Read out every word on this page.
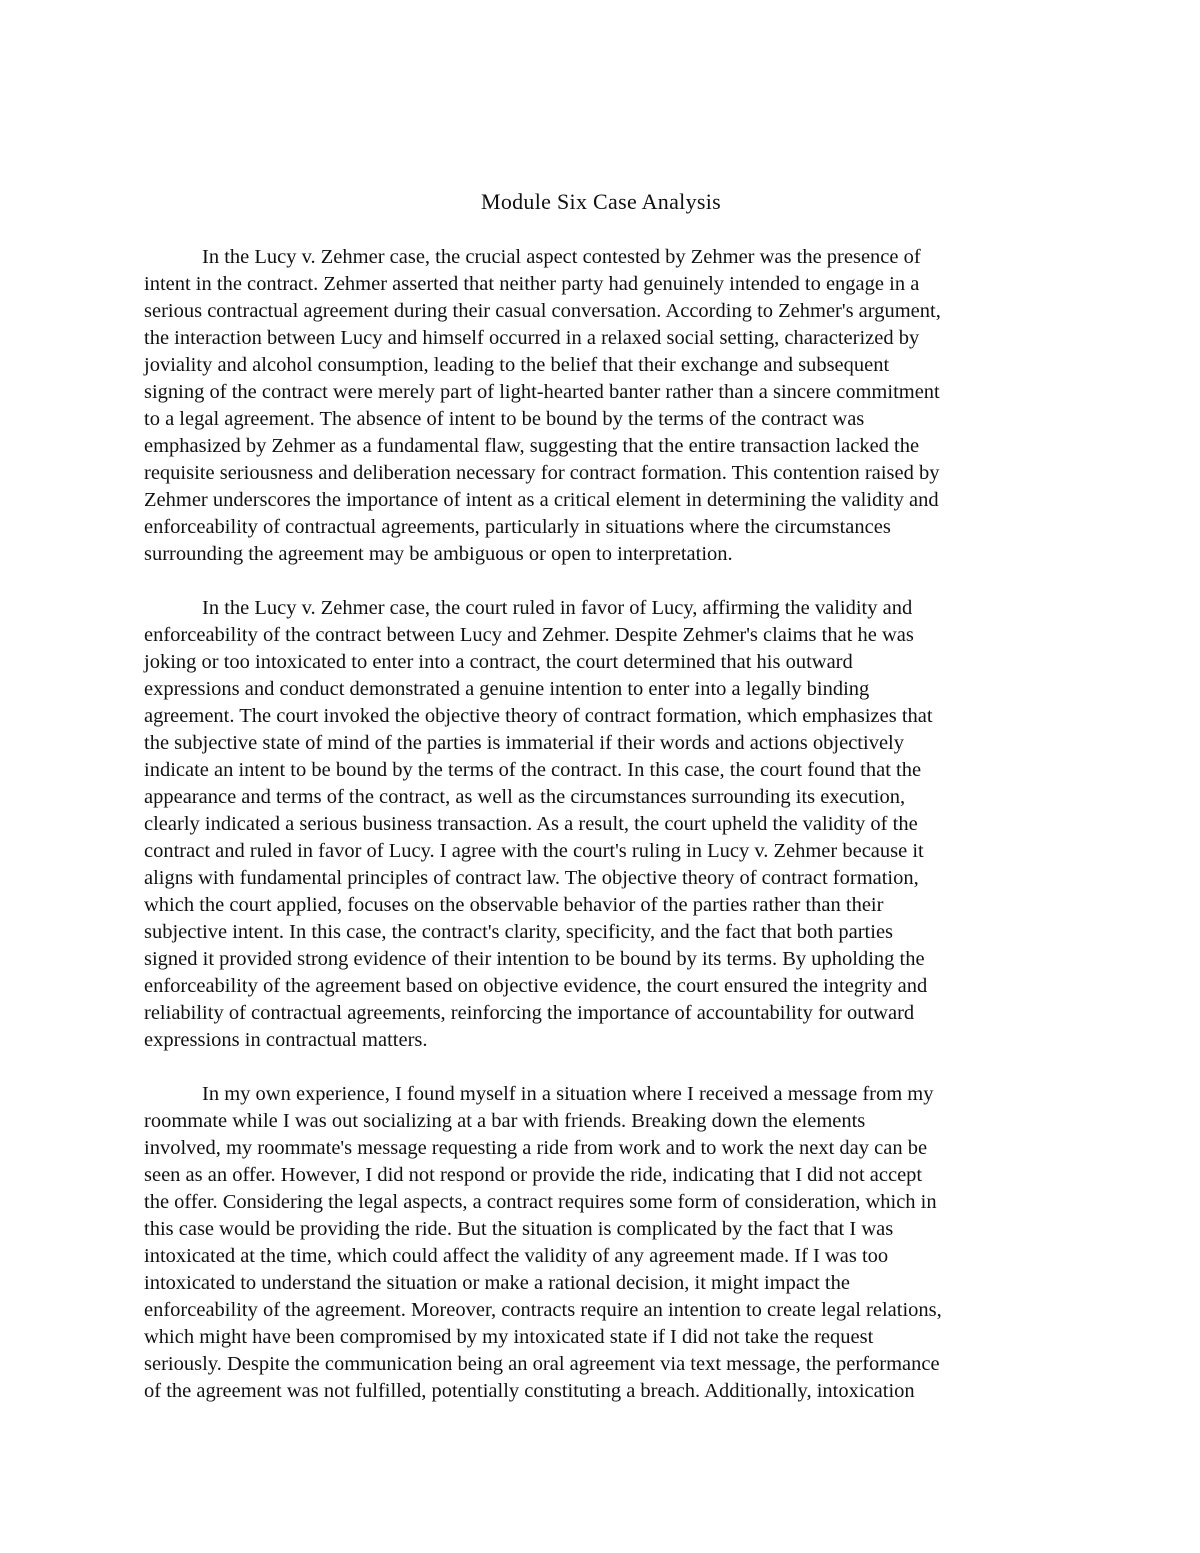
Module Six Case Analysis
In the Lucy v. Zehmer case, the crucial aspect contested by Zehmer was the presence of
intent in the contract. Zehmer asserted that neither party had genuinely intended to engage in a
serious contractual agreement during their casual conversation. According to Zehmer's argument,
the interaction between Lucy and himself occurred in a relaxed social setting, characterized by
joviality and alcohol consumption, leading to the belief that their exchange and subsequent
signing of the contract were merely part of light-hearted banter rather than a sincere commitment
to a legal agreement. The absence of intent to be bound by the terms of the contract was
emphasized by Zehmer as a fundamental flaw, suggesting that the entire transaction lacked the
requisite seriousness and deliberation necessary for contract formation. This contention raised by
Zehmer underscores the importance of intent as a critical element in determining the validity and
enforceability of contractual agreements, particularly in situations where the circumstances
surrounding the agreement may be ambiguous or open to interpretation.
In the Lucy v. Zehmer case, the court ruled in favor of Lucy, affirming the validity and
enforceability of the contract between Lucy and Zehmer. Despite Zehmer's claims that he was
joking or too intoxicated to enter into a contract, the court determined that his outward
expressions and conduct demonstrated a genuine intention to enter into a legally binding
agreement. The court invoked the objective theory of contract formation, which emphasizes that
the subjective state of mind of the parties is immaterial if their words and actions objectively
indicate an intent to be bound by the terms of the contract. In this case, the court found that the
appearance and terms of the contract, as well as the circumstances surrounding its execution,
clearly indicated a serious business transaction. As a result, the court upheld the validity of the
contract and ruled in favor of Lucy. I agree with the court's ruling in Lucy v. Zehmer because it
aligns with fundamental principles of contract law. The objective theory of contract formation,
which the court applied, focuses on the observable behavior of the parties rather than their
subjective intent. In this case, the contract's clarity, specificity, and the fact that both parties
signed it provided strong evidence of their intention to be bound by its terms. By upholding the
enforceability of the agreement based on objective evidence, the court ensured the integrity and
reliability of contractual agreements, reinforcing the importance of accountability for outward
expressions in contractual matters.
In my own experience, I found myself in a situation where I received a message from my
roommate while I was out socializing at a bar with friends. Breaking down the elements
involved, my roommate's message requesting a ride from work and to work the next day can be
seen as an offer. However, I did not respond or provide the ride, indicating that I did not accept
the offer. Considering the legal aspects, a contract requires some form of consideration, which in
this case would be providing the ride. But the situation is complicated by the fact that I was
intoxicated at the time, which could affect the validity of any agreement made. If I was too
intoxicated to understand the situation or make a rational decision, it might impact the
enforceability of the agreement. Moreover, contracts require an intention to create legal relations,
which might have been compromised by my intoxicated state if I did not take the request
seriously. Despite the communication being an oral agreement via text message, the performance
of the agreement was not fulfilled, potentially constituting a breach. Additionally, intoxication
